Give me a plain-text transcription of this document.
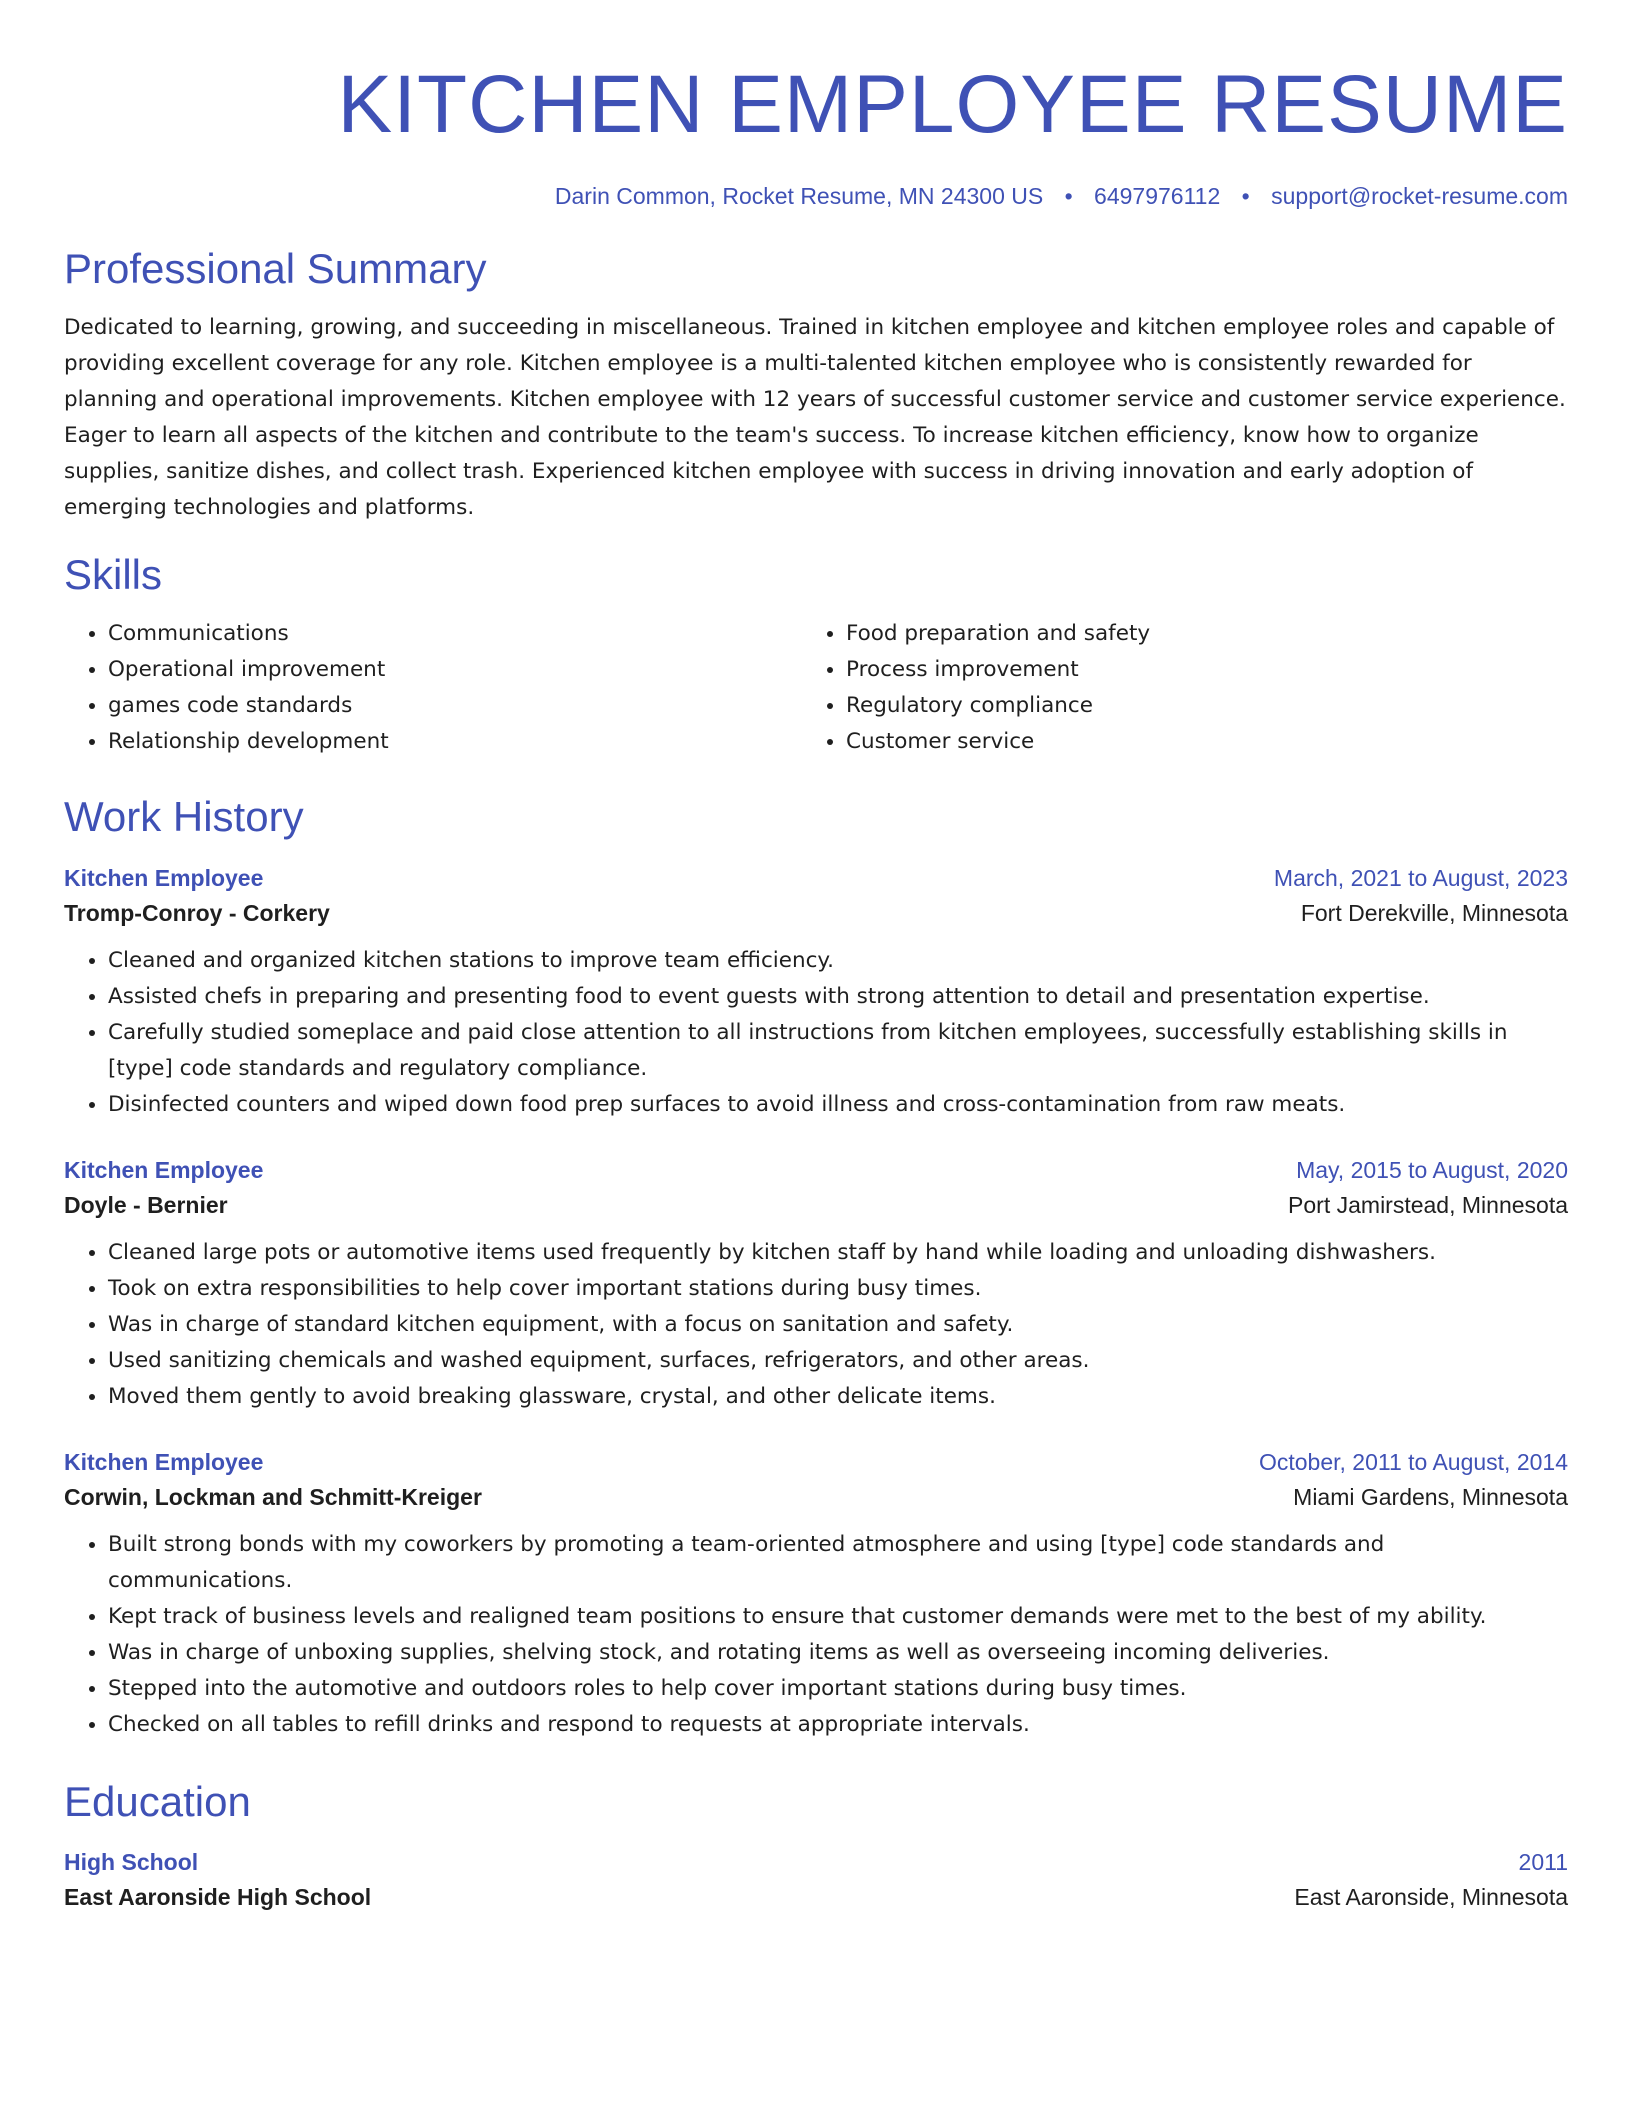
KITCHEN EMPLOYEE RESUME
Darin Common, Rocket Resume, MN 24300 US • 6497976112 • support@rocket-resume.com
Professional Summary
Dedicated to learning, growing, and succeeding in miscellaneous. Trained in kitchen employee and kitchen employee roles and capable of providing excellent coverage for any role. Kitchen employee is a multi-talented kitchen employee who is consistently rewarded for planning and operational improvements. Kitchen employee with 12 years of successful customer service and customer service experience. Eager to learn all aspects of the kitchen and contribute to the team's success. To increase kitchen efficiency, know how to organize supplies, sanitize dishes, and collect trash. Experienced kitchen employee with success in driving innovation and early adoption of emerging technologies and platforms.
Skills
• Communications
• Operational improvement
• games code standards
• Relationship development
• Food preparation and safety
• Process improvement
• Regulatory compliance
• Customer service
Work History
Kitchen Employee	March, 2021 to August, 2023
Tromp-Conroy - Corkery	Fort Derekville, Minnesota
• Cleaned and organized kitchen stations to improve team efficiency.
• Assisted chefs in preparing and presenting food to event guests with strong attention to detail and presentation expertise.
• Carefully studied someplace and paid close attention to all instructions from kitchen employees, successfully establishing skills in [type] code standards and regulatory compliance.
• Disinfected counters and wiped down food prep surfaces to avoid illness and cross-contamination from raw meats.
Kitchen Employee	May, 2015 to August, 2020
Doyle - Bernier	Port Jamirstead, Minnesota
• Cleaned large pots or automotive items used frequently by kitchen staff by hand while loading and unloading dishwashers.
• Took on extra responsibilities to help cover important stations during busy times.
• Was in charge of standard kitchen equipment, with a focus on sanitation and safety.
• Used sanitizing chemicals and washed equipment, surfaces, refrigerators, and other areas.
• Moved them gently to avoid breaking glassware, crystal, and other delicate items.
Kitchen Employee	October, 2011 to August, 2014
Corwin, Lockman and Schmitt-Kreiger	Miami Gardens, Minnesota
• Built strong bonds with my coworkers by promoting a team-oriented atmosphere and using [type] code standards and communications.
• Kept track of business levels and realigned team positions to ensure that customer demands were met to the best of my ability.
• Was in charge of unboxing supplies, shelving stock, and rotating items as well as overseeing incoming deliveries.
• Stepped into the automotive and outdoors roles to help cover important stations during busy times.
• Checked on all tables to refill drinks and respond to requests at appropriate intervals.
Education
High School	2011
East Aaronside High School	East Aaronside, Minnesota
